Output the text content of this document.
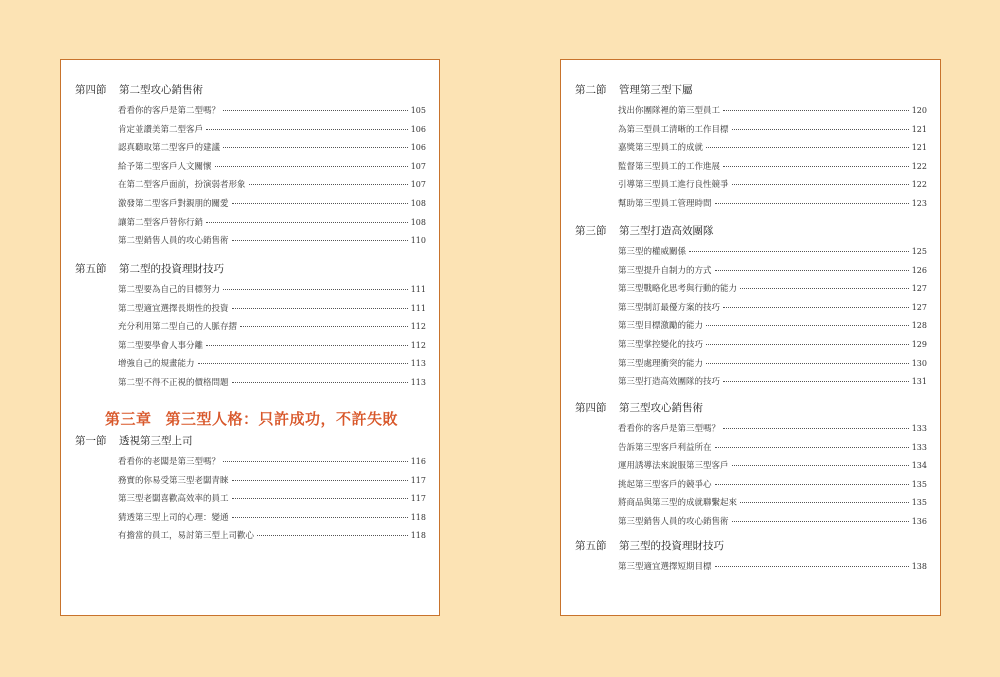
第四節 第二型攻心銷售術
看看你的客戶是第二型嗎？	105
肯定並讚美第二型客戶	106
認真聽取第二型客戶的建議	106
給予第二型客戶人文關懷	107
在第二型客戶面前，扮演弱者形象	107
激發第二型客戶對親朋的關愛	108
讓第二型客戶替你行銷	108
第二型銷售人員的攻心銷售術	110
第五節 第二型的投資理財技巧
第二型要為自己的目標努力	111
第二型適宜選擇長期性的投資	111
充分利用第二型自己的人脈存摺	112
第二型要學會人事分離	112
增強自己的規畫能力	113
第二型不得不正視的價格問題	113
第一節 透視第三型上司
看看你的老闆是第三型嗎？	116
務實的你易受第三型老闆青睞	117
第三型老闆喜歡高效率的員工	117
猜透第三型上司的心理：變通	118
有擔當的員工，易討第三型上司歡心	118
第三章 第三型人格：只許成功，不許失敗
第二節 管理第三型下屬
找出你團隊裡的第三型員工	120
為第三型員工清晰的工作目標	121
嘉獎第三型員工的成就	121
監督第三型員工的工作進展	122
引導第三型員工進行良性競爭	122
幫助第三型員工管理時間	123
第三節 第三型打造高效團隊
第三型的權威關係	125
第三型提升自制力的方式	126
第三型戰略化思考與行動的能力	127
第三型制訂最優方案的技巧	127
第三型目標激勵的能力	128
第三型掌控變化的技巧	129
第三型處理衝突的能力	130
第三型打造高效團隊的技巧	131
第四節 第三型攻心銷售術
看看你的客戶是第三型嗎？	133
告訴第三型客戶利益所在	133
運用誘導法來說服第三型客戶	134
挑起第三型客戶的競爭心	135
將商品與第三型的成就聯繫起來	135
第三型銷售人員的攻心銷售術	136
第五節 第三型的投資理財技巧
第三型適宜選擇短期目標	138
